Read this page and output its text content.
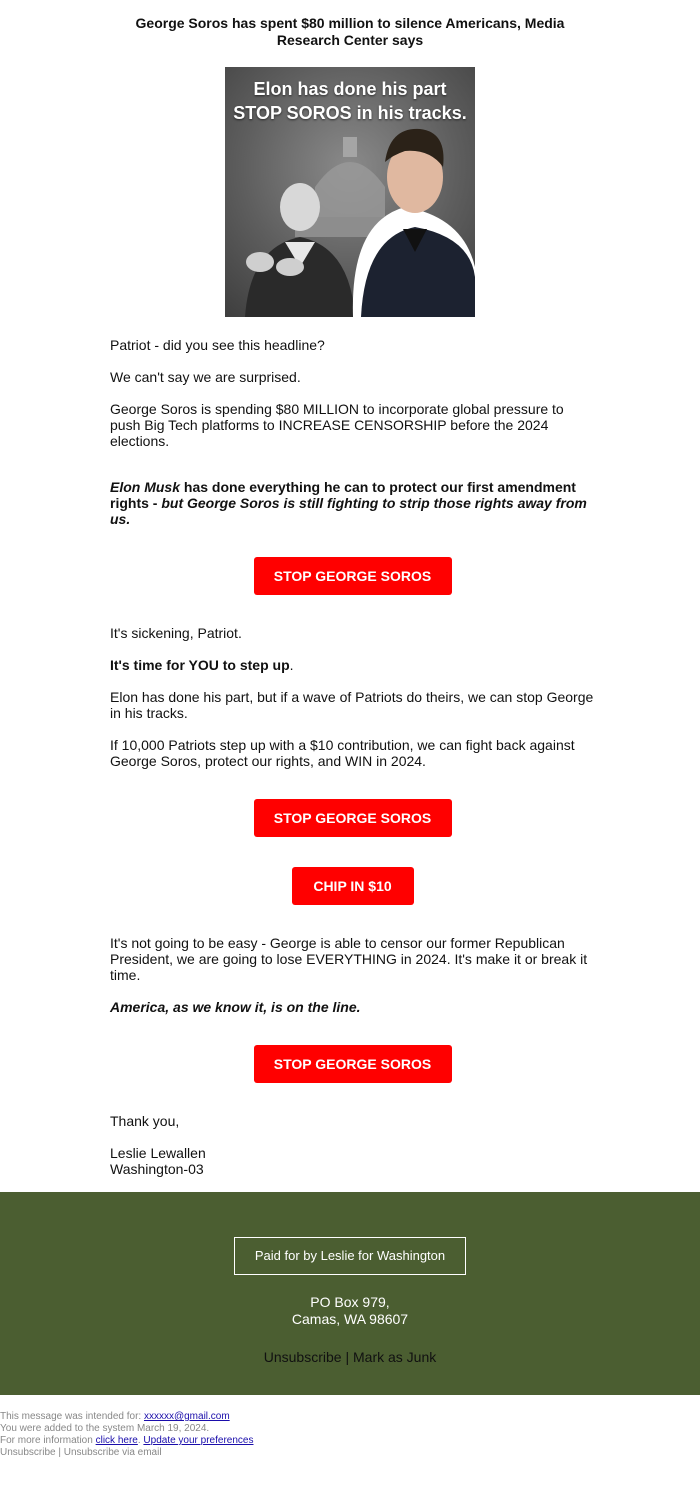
George Soros has spent $80 million to silence Americans, Media Research Center says
Elon has done his part
STOP SOROS in his tracks.

Patriot - did you see this headline?

We can't say we are surprised.

George Soros is spending $80 MILLION to incorporate global pressure to push Big Tech platforms to INCREASE CENSORSHIP before the 2024 elections.

Elon Musk has done everything he can to protect our first amendment rights - but George Soros is still fighting to strip those rights away from us.

STOP GEORGE SOROS

It's sickening, Patriot.

It's time for YOU to step up.

Elon has done his part, but if a wave of Patriots do theirs, we can stop George in his tracks.

If 10,000 Patriots step up with a $10 contribution, we can fight back against George Soros, protect our rights, and WIN in 2024.

STOP GEORGE SOROS
CHIP IN $10

It's not going to be easy - George is able to censor our former Republican President, we are going to lose EVERYTHING in 2024. It's make it or break it time.

America, as we know it, is on the line.

STOP GEORGE SOROS

Thank you,

Leslie Lewallen
Washington-03
Paid for by Leslie for Washington
PO Box 979,
Camas, WA 98607
Unsubscribe | Mark as Junk
This message was intended for: xxxxxx@gmail.com
You were added to the system March 19, 2024.
For more information click here. Update your preferences
Unsubscribe | Unsubscribe via email
